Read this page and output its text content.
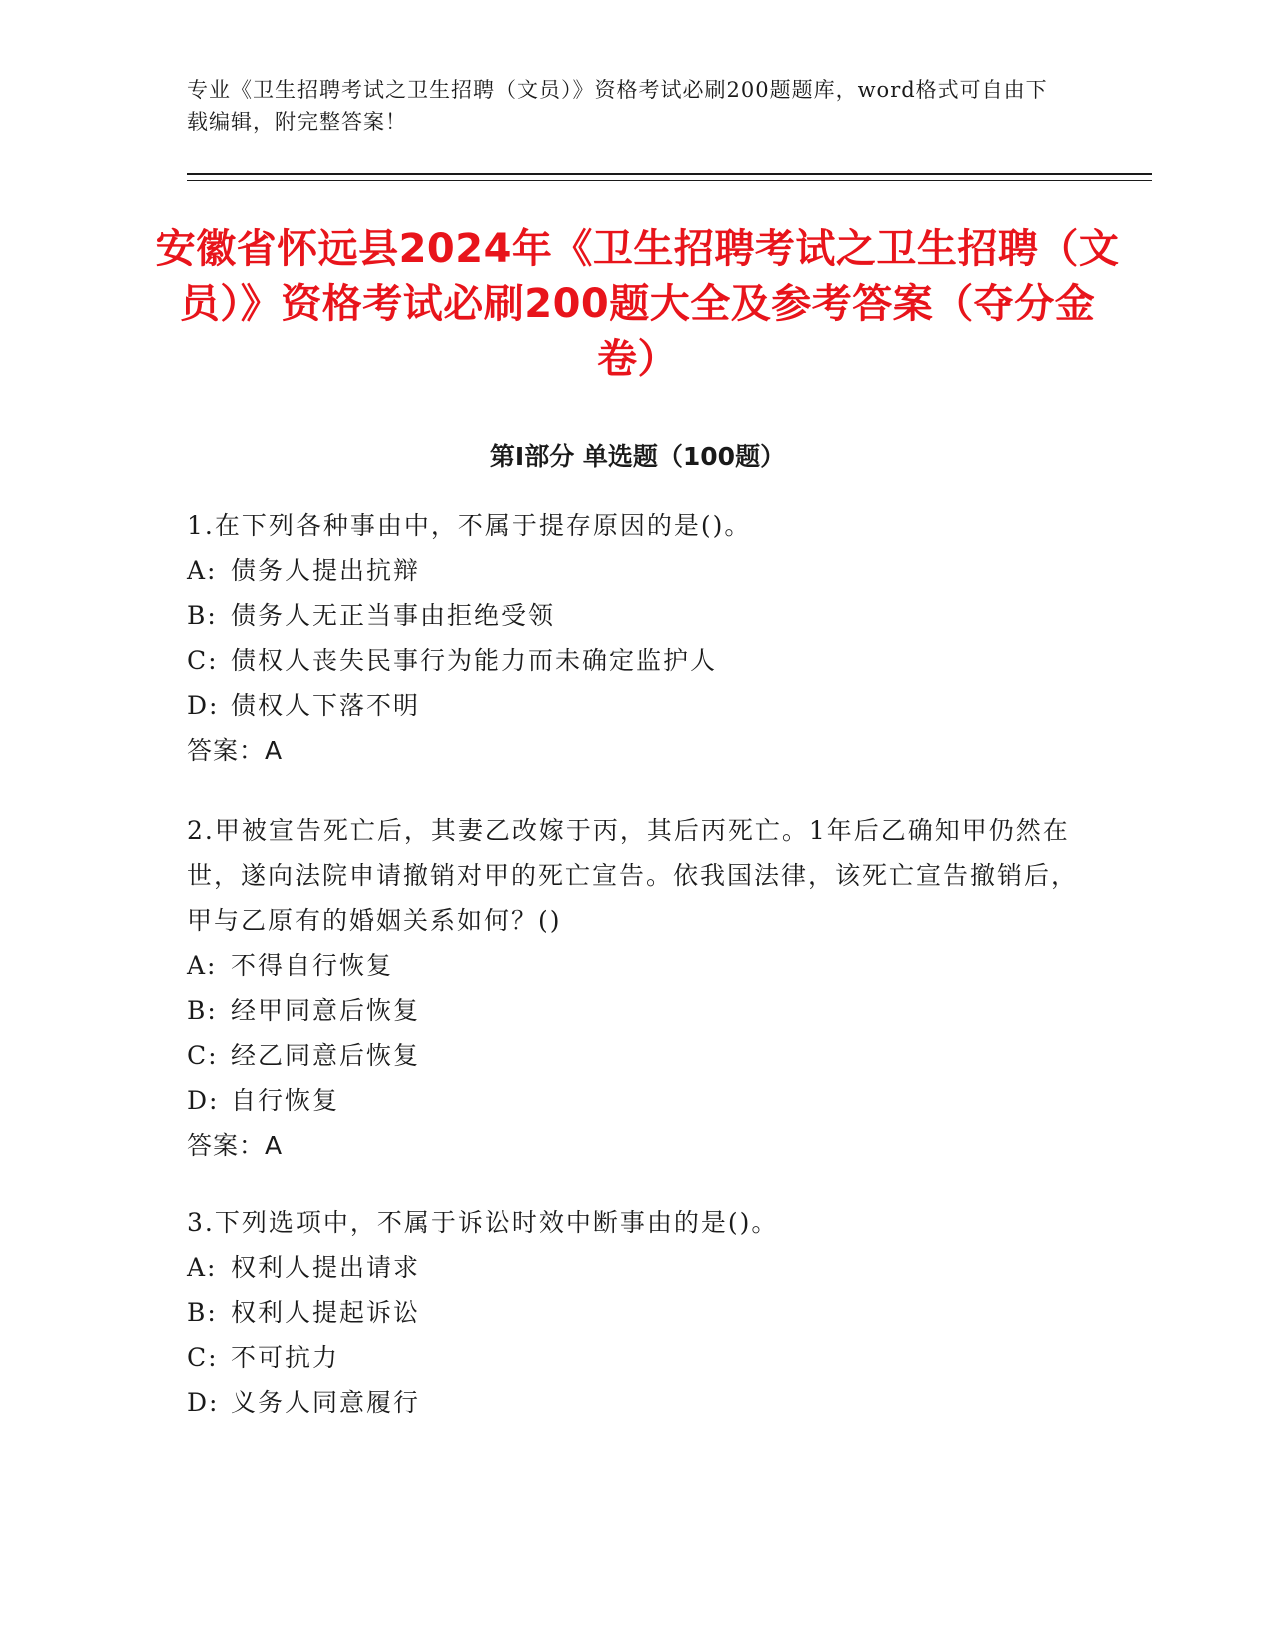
专业《卫生招聘考试之卫生招聘（文员）》资格考试必刷200题题库，word格式可自由下载编辑，附完整答案！
安徽省怀远县2024年《卫生招聘考试之卫生招聘（文员）》资格考试必刷200题大全及参考答案（夺分金卷）
第Ⅰ部分 单选题（100题）
1.在下列各种事由中，不属于提存原因的是()。
A: 债务人提出抗辩
B: 债务人无正当事由拒绝受领
C: 债权人丧失民事行为能力而未确定监护人
D: 债权人下落不明
答案：A
2.甲被宣告死亡后，其妻乙改嫁于丙，其后丙死亡。1年后乙确知甲仍然在世，遂向法院申请撤销对甲的死亡宣告。依我国法律，该死亡宣告撤销后，甲与乙原有的婚姻关系如何？()
A: 不得自行恢复
B: 经甲同意后恢复
C: 经乙同意后恢复
D: 自行恢复
答案：A
3.下列选项中，不属于诉讼时效中断事由的是()。
A: 权利人提出请求
B: 权利人提起诉讼
C: 不可抗力
D: 义务人同意履行
